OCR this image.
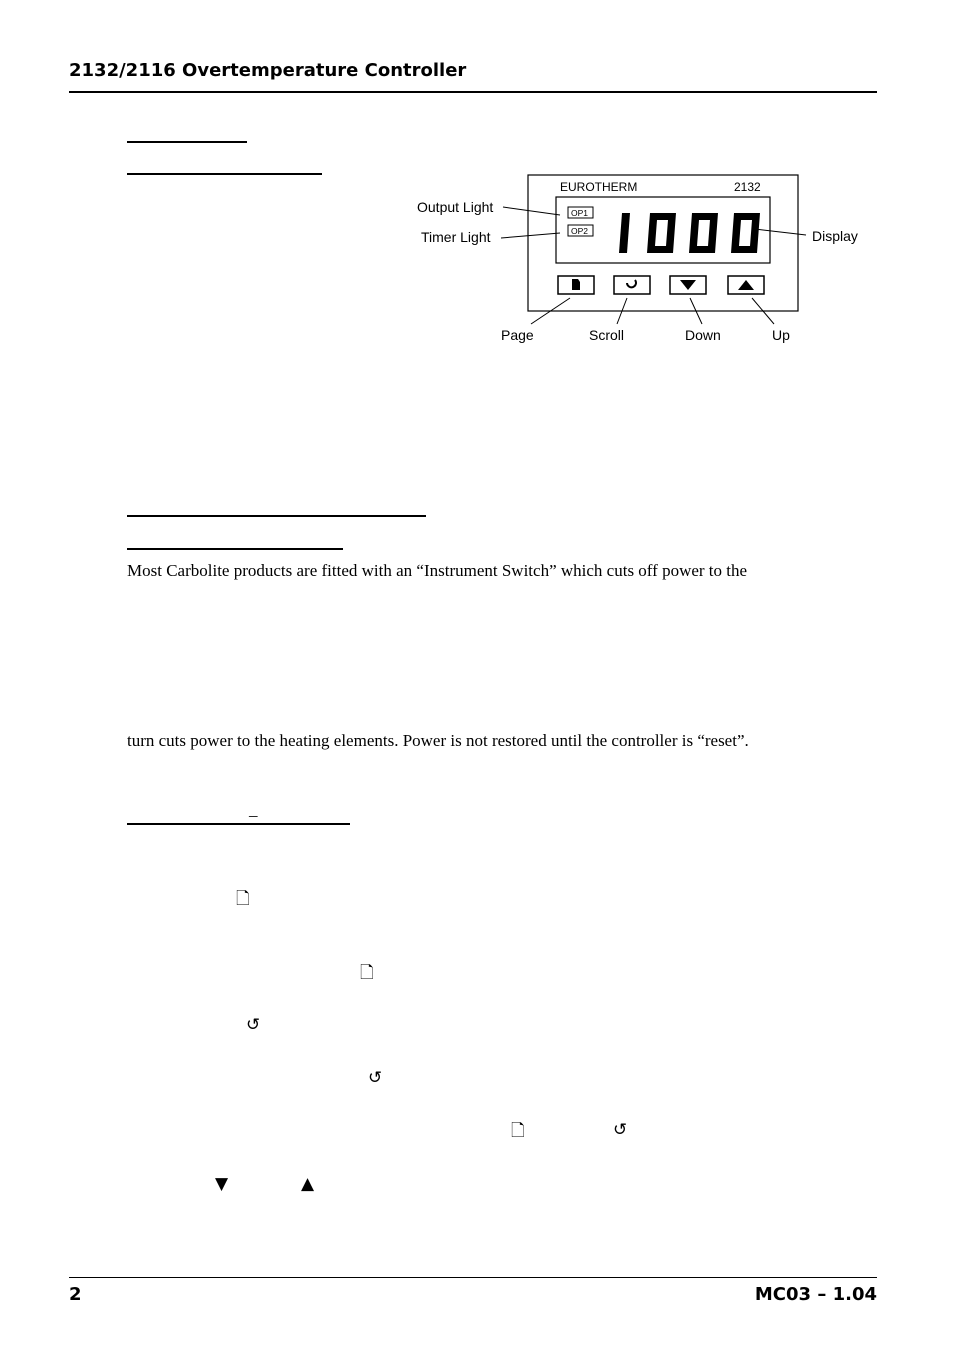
2132/2116 Overtemperature Controller
EUROTHERM	2132
OP1
OP2
Output Light
Timer Light	Display
Page	Scroll	Down	Up
Most Carbolite products are fitted with an “Instrument Switch” which cuts off power to the
turn cuts power to the heating elements. Power is not restored until the controller is “reset”.
_
🗋
🗋
↺
↺
🗋	↺
▼	▲
2	MC03 – 1.04
